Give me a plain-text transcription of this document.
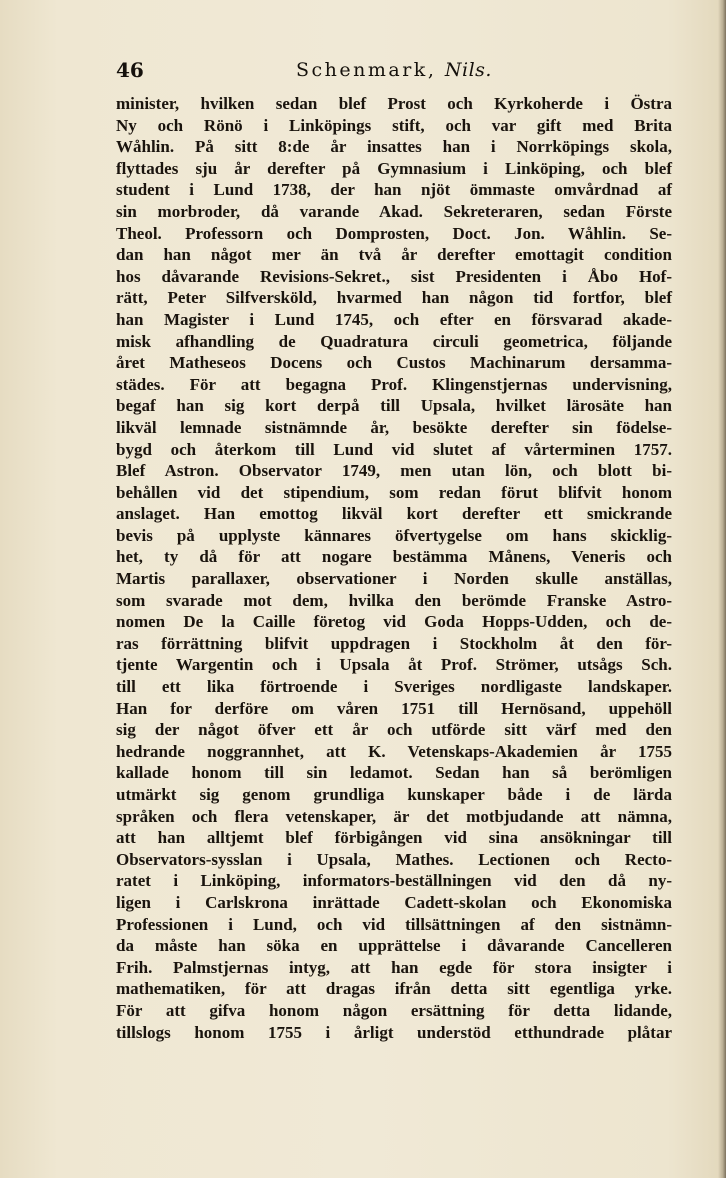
46	Schenmark, Nils.
minister, hvilken sedan blef Prost och Kyrkoherde i Östra
Ny och Rönö i Linköpings stift, och var gift med Brita
Wåhlin. På sitt 8:de år insattes han i Norrköpings skola,
flyttades sju år derefter på Gymnasium i Linköping, och blef
student i Lund 1738, der han njöt ömmaste omvårdnad af
sin morbroder, då varande Akad. Sekreteraren, sedan Förste
Theol. Professorn och Domprosten, Doct. Jon. Wåhlin. Se-
dan han något mer än två år derefter emottagit condition
hos dåvarande Revisions-Sekret., sist Presidenten i Åbo Hof-
rätt, Peter Silfversköld, hvarmed han någon tid fortfor, blef
han Magister i Lund 1745, och efter en försvarad akade-
misk afhandling de Quadratura circuli geometrica, följande
året Matheseos Docens och Custos Machinarum dersamma-
städes. För att begagna Prof. Klingenstjernas undervisning,
begaf han sig kort derpå till Upsala, hvilket lärosäte han
likväl lemnade sistnämnde år, besökte derefter sin födelse-
bygd och återkom till Lund vid slutet af vårterminen 1757.
Blef Astron. Observator 1749, men utan lön, och blott bi-
behållen vid det stipendium, som redan förut blifvit honom
anslaget. Han emottog likväl kort derefter ett smickrande
bevis på upplyste kännares öfvertygelse om hans skicklig-
het, ty då för att nogare bestämma Månens, Veneris och
Martis parallaxer, observationer i Norden skulle anställas,
som svarade mot dem, hvilka den berömde Franske Astro-
nomen De la Caille företog vid Goda Hopps-Udden, och de-
ras förrättning blifvit uppdragen i Stockholm åt den för-
tjente Wargentin och i Upsala åt Prof. Strömer, utsågs Sch.
till ett lika förtroende i Sveriges nordligaste landskaper.
Han for derföre om våren 1751 till Hernösand, uppehöll
sig der något öfver ett år och utförde sitt värf med den
hedrande noggrannhet, att K. Vetenskaps-Akademien år 1755
kallade honom till sin ledamot. Sedan han så berömligen
utmärkt sig genom grundliga kunskaper både i de lärda
språken och flera vetenskaper, är det motbjudande att nämna,
att han alltjemt blef förbigången vid sina ansökningar till
Observators-sysslan i Upsala, Mathes. Lectionen och Recto-
ratet i Linköping, informators-beställningen vid den då ny-
ligen i Carlskrona inrättade Cadett-skolan och Ekonomiska
Professionen i Lund, och vid tillsättningen af den sistnämn-
da måste han söka en upprättelse i dåvarande Cancelleren
Frih. Palmstjernas intyg, att han egde för stora insigter i
mathematiken, för att dragas ifrån detta sitt egentliga yrke.
För att gifva honom någon ersättning för detta lidande,
tillslogs honom 1755 i årligt understöd etthundrade plåtar
